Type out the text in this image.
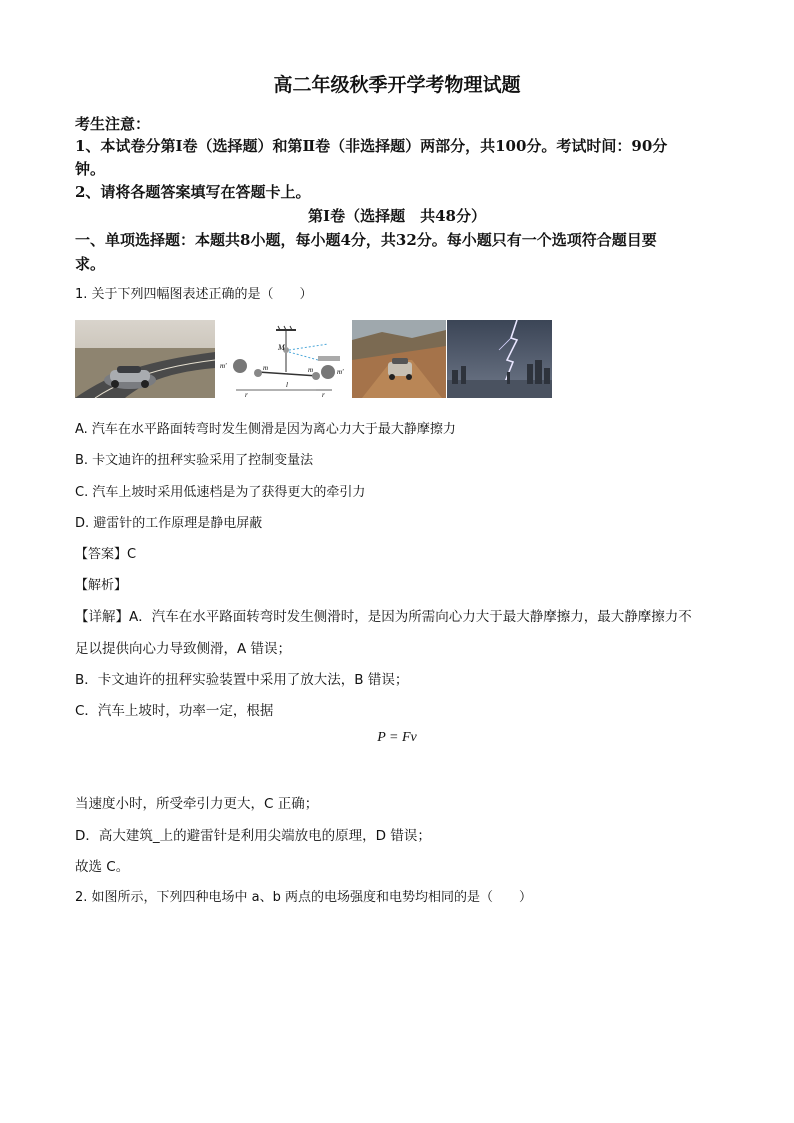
高二年级秋季开学考物理试题
考生注意：
1、本试卷分第Ⅰ卷（选择题）和第Ⅱ卷（非选择题）两部分，共100分。考试时间：90分
钟。
2、请将各题答案填写在答题卡上。
第Ⅰ卷（选择题　共48分）
一、单项选择题：本题共8小题，每小题4分，共32分。每小题只有一个选项符合题目要
求。
1. 关于下列四幅图表述正确的是（　　）
M
m'	m	m	m'
r
l
r
A. 汽车在水平路面转弯时发生侧滑是因为离心力大于最大静摩擦力
B. 卡文迪许的扭秤实验采用了控制变量法
C. 汽车上坡时采用低速档是为了获得更大的牵引力
D. 避雷针的工作原理是静电屏蔽
【答案】C
【解析】
【详解】A．汽车在水平路面转弯时发生侧滑时，是因为所需向心力大于最大静摩擦力，最大静摩擦力不
足以提供向心力导致侧滑，A 错误；
B．卡文迪许的扭秤实验装置中采用了放大法，B 错误；
C．汽车上坡时，功率一定，根据
P = Fv
当速度小时，所受牵引力更大，C 正确；
D．高大建筑_上的避雷针是利用尖端放电的原理，D 错误；
故选 C。
2. 如图所示，下列四种电场中 a、b 两点的电场强度和电势均相同的是（　　）
